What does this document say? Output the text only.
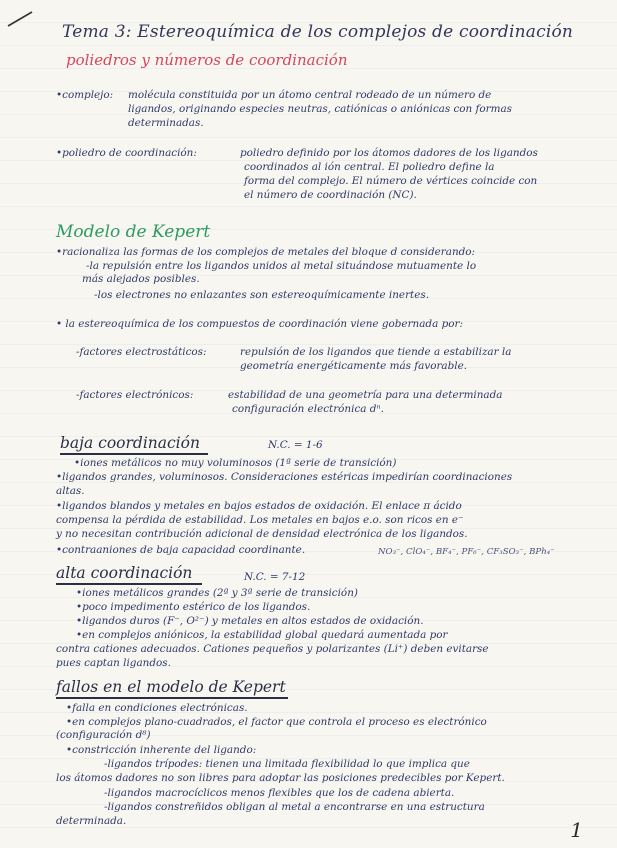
Tema 3: Estereoquímica de los complejos de coordinación
poliedros y números de coordinación
•complejo: molécula constituida por un átomo central rodeado de un número de
ligandos, originando especies neutras, catiónicas o aniónicas con formas
determinadas.
•poliedro de coordinación:	poliedro definido por los átomos dadores de los ligandos
coordinados al ión central. El poliedro define la
forma del complejo. El número de vértices coincide con
el número de coordinación (NC).
Modelo de Kepert
•racionaliza las formas de los complejos de metales del bloque d considerando:
-la repulsión entre los ligandos unidos al metal situándose mutuamente lo
más alejados posibles.
-los electrones no enlazantes son estereoquímicamente inertes.
• la estereoquímica de los compuestos de coordinación viene gobernada por:
-factores electrostáticos:	repulsión de los ligandos que tiende a estabilizar la
geometría energéticamente más favorable.
-factores electrónicos:	estabilidad de una geometría para una determinada
configuración electrónica dⁿ.
baja coordinación	N.C. = 1-6
•iones metálicos no muy voluminosos (1ª serie de transición)
•ligandos grandes, voluminosos. Consideraciones estéricas impedirían coordinaciones
altas.
•ligandos blandos y metales en bajos estados de oxidación. El enlace π ácido
compensa la pérdida de estabilidad. Los metales en bajos e.o. son ricos en e⁻
y no necesitan contribución adicional de densidad electrónica de los ligandos.
•contraaniones de baja capacidad coordinante.	NO₃⁻, ClO₄⁻, BF₄⁻, PF₆⁻, CF₃SO₃⁻, BPh₄⁻
alta coordinación	N.C. = 7-12
•iones metálicos grandes (2ª y 3ª serie de transición)
•poco impedimento estérico de los ligandos.
•ligandos duros (F⁻, O²⁻) y metales en altos estados de oxidación.
•en complejos aniónicos, la estabilidad global quedará aumentada por
contra cationes adecuados. Cationes pequeños y polarizantes (Li⁺) deben evitarse
pues captan ligandos.
fallos en el modelo de Kepert
•falla en condiciones electrónicas.
•en complejos plano-cuadrados, el factor que controla el proceso es electrónico
(configuración d⁸)
•constricción inherente del ligando:
-ligandos trípodes: tienen una limitada flexibilidad lo que implica que
los átomos dadores no son libres para adoptar las posiciones predecibles por Kepert.
-ligandos macrocíclicos menos flexibles que los de cadena abierta.
-ligandos constreñidos obligan al metal a encontrarse en una estructura
determinada.	1
